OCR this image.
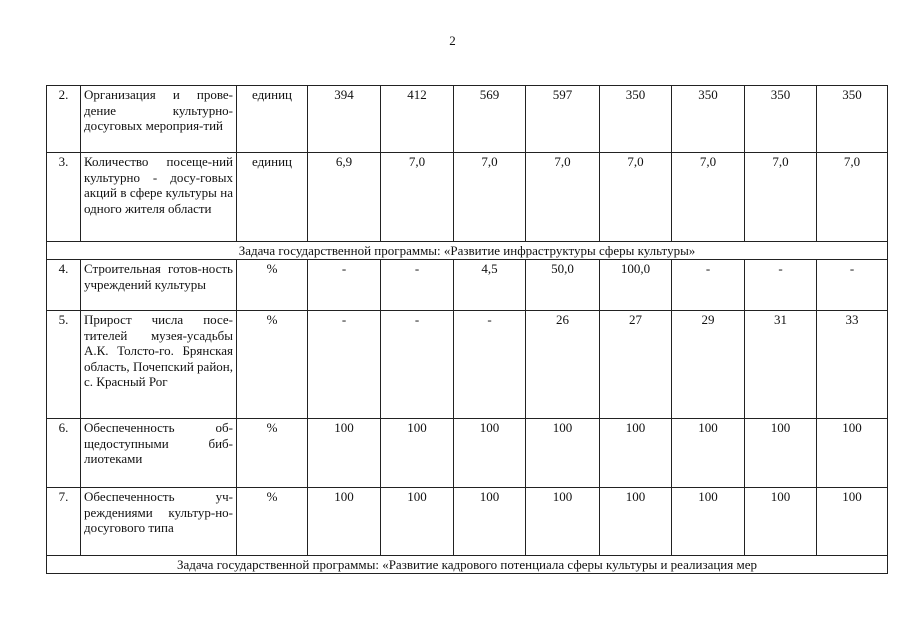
2
2.	Организация и прове-дение культурно-досуговых мероприя-тий	единиц	394	412	569	597	350	350	350	350
3.	Количество посеще-ний культурно - досу-говых акций в сфере культуры на одного жителя области	единиц	6,9	7,0	7,0	7,0	7,0	7,0	7,0	7,0
Задача государственной программы: «Развитие инфраструктуры сферы культуры»										
4.	Строительная готов-ность учреждений культуры	%	-	-	4,5	50,0	100,0	-	-	-
5.	Прирост числа посе-тителей музея-усадьбы А.К. Толсто-го. Брянская область, Почепский район, с. Красный Рог	%	-	-	-	26	27	29	31	33
6.	Обеспеченность об-щедоступными биб-лиотеками	%	100	100	100	100	100	100	100	100
7.	Обеспеченность уч-реждениями культур-но-досугового типа	%	100	100	100	100	100	100	100	100
Задача государственной программы: «Развитие кадрового потенциала сферы культуры и реализация мер										
